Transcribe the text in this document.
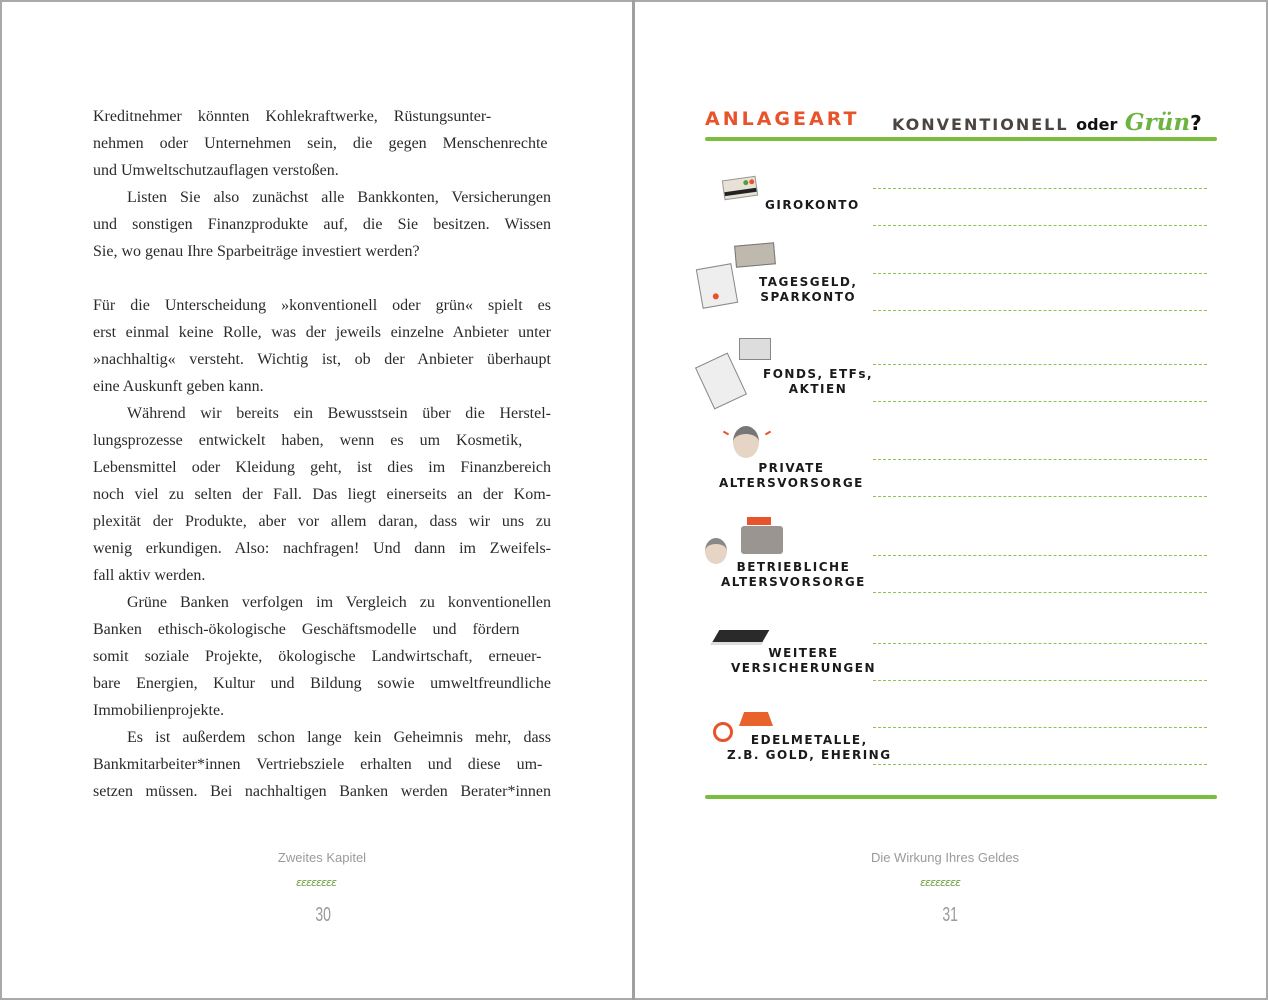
Kreditnehmer könnten Kohlekraftwerke, Rüstungsunter-
nehmen oder Unternehmen sein, die gegen Menschenrechte
und Umweltschutzauflagen verstoßen.
Listen Sie also zunächst alle Bankkonten, Versicherungen
und sonstigen Finanzprodukte auf, die Sie besitzen. Wissen
Sie, wo genau Ihre Sparbeiträge investiert werden?
Für die Unterscheidung »konventionell oder grün« spielt es
erst einmal keine Rolle, was der jeweils einzelne Anbieter unter
»nachhaltig« versteht. Wichtig ist, ob der Anbieter überhaupt
eine Auskunft geben kann.
Während wir bereits ein Bewusstsein über die Herstel-
lungsprozesse entwickelt haben, wenn es um Kosmetik,
Lebensmittel oder Kleidung geht, ist dies im Finanzbereich
noch viel zu selten der Fall. Das liegt einerseits an der Kom-
plexität der Produkte, aber vor allem daran, dass wir uns zu
wenig erkundigen. Also: nachfragen! Und dann im Zweifels-
fall aktiv werden.
Grüne Banken verfolgen im Vergleich zu konventionellen
Banken ethisch-ökologische Geschäftsmodelle und fördern
somit soziale Projekte, ökologische Landwirtschaft, erneuer-
bare Energien, Kultur und Bildung sowie umweltfreundliche
Immobilienprojekte.
Es ist außerdem schon lange kein Geheimnis mehr, dass
Bankmitarbeiter*innen Vertriebsziele erhalten und diese um-
setzen müssen. Bei nachhaltigen Banken werden Berater*innen
Zweites Kapitel
ɛɛɛɛɛɛɛɛ
30
ANLAGEART KONVENTIONELL oder Grün?
GIROKONTO
TAGESGELD,
SPARKONTO
FONDS, ETFs,
AKTIEN
PRIVATE
ALTERSVORSORGE
BETRIEBLICHE
ALTERSVORSORGE
WEITERE
VERSICHERUNGEN
EDELMETALLE,
Z.B. GOLD, EHERING
Die Wirkung Ihres Geldes
ɛɛɛɛɛɛɛɛ
31
